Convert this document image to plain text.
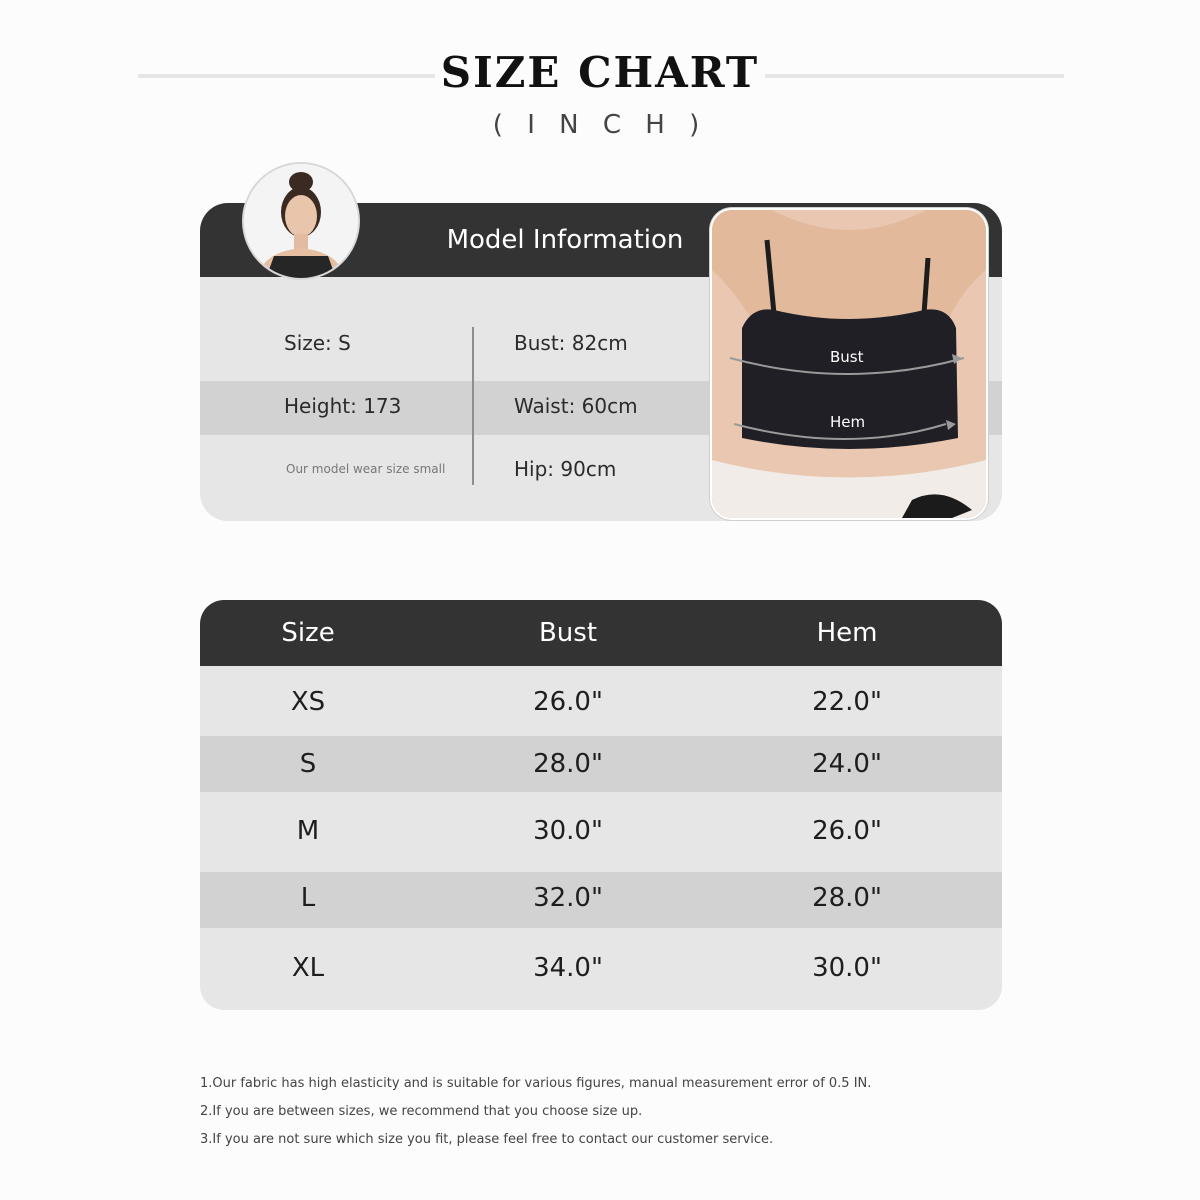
SIZE CHART
( I N C H )
Model Information
Size: S
Height: 173
Our model wear size small
Bust: 82cm
Waist: 60cm
Hip: 90cm
Bust
Hem
Size	Bust	Hem
XS	26.0"	22.0"
S	28.0"	24.0"
M	30.0"	26.0"
L	32.0"	28.0"
XL	34.0"	30.0"
1.Our fabric has high elasticity and is suitable for various figures, manual measurement error of 0.5 IN.
2.If you are between sizes, we recommend that you choose size up.
3.If you are not sure which size you fit, please feel free to contact our customer service.
